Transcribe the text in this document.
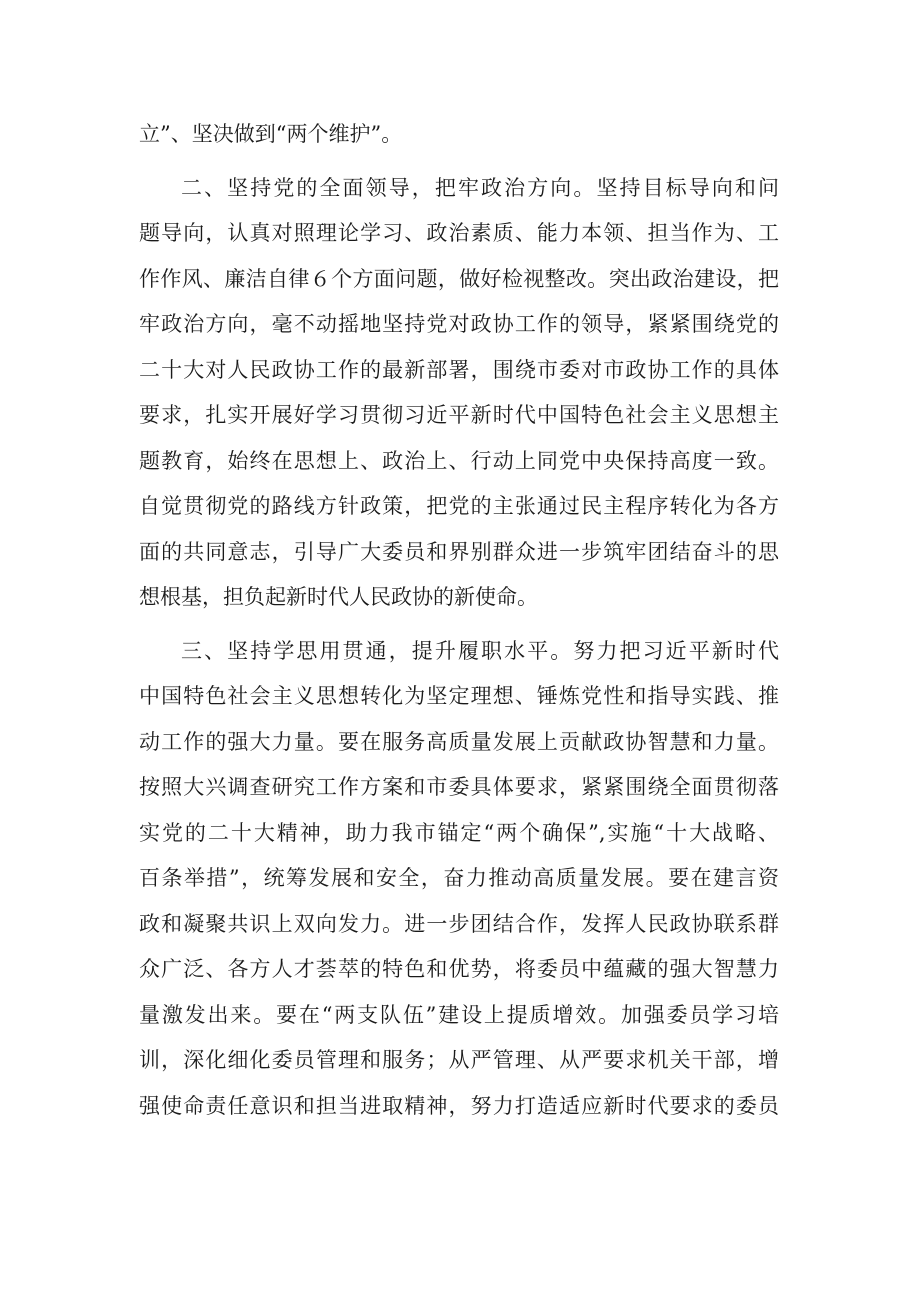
立”、坚决做到“两个维护”。
二、坚持党的全面领导，把牢政治方向。坚持目标导向和问
题导向，认真对照理论学习、政治素质、能力本领、担当作为、工
作作风、廉洁自律６个方面问题，做好检视整改。突出政治建设，把
牢政治方向，毫不动摇地坚持党对政协工作的领导，紧紧围绕党的
二十大对人民政协工作的最新部署，围绕市委对市政协工作的具体
要求，扎实开展好学习贯彻习近平新时代中国特色社会主义思想主
题教育，始终在思想上、政治上、行动上同党中央保持高度一致。
自觉贯彻党的路线方针政策，把党的主张通过民主程序转化为各方
面的共同意志，引导广大委员和界别群众进一步筑牢团结奋斗的思
想根基，担负起新时代人民政协的新使命。
三、坚持学思用贯通，提升履职水平。努力把习近平新时代
中国特色社会主义思想转化为坚定理想、锤炼党性和指导实践、推
动工作的强大力量。要在服务高质量发展上贡献政协智慧和力量。
按照大兴调查研究工作方案和市委具体要求，紧紧围绕全面贯彻落
实党的二十大精神，助力我市锚定“两个确保”,实施“十大战略、
百条举措”，统筹发展和安全，奋力推动高质量发展。要在建言资
政和凝聚共识上双向发力。进一步团结合作，发挥人民政协联系群
众广泛、各方人才荟萃的特色和优势，将委员中蕴藏的强大智慧力
量激发出来。要在“两支队伍”建设上提质增效。加强委员学习培
训，深化细化委员管理和服务；从严管理、从严要求机关干部，增
强使命责任意识和担当进取精神，努力打造适应新时代要求的委员
